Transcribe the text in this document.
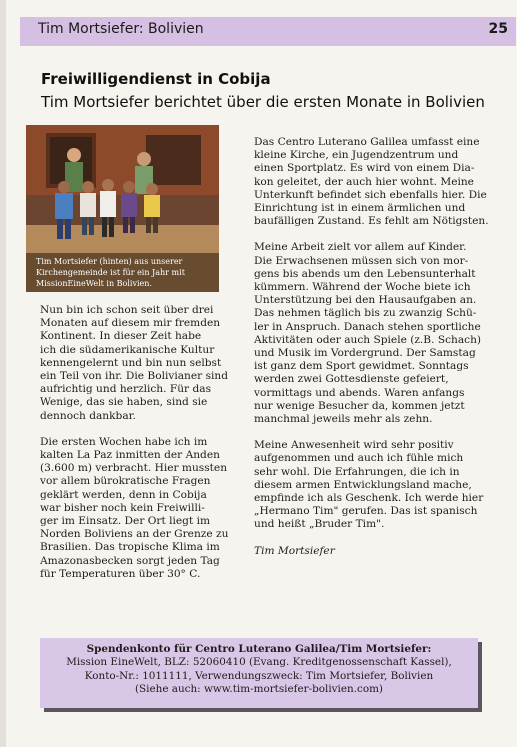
Tim Mortsiefer: Bolivien	25
Freiwilligendienst in Cobija
Tim Mortsiefer berichtet über die ersten Monate in Bolivien
Tim Mortsiefer (hinten) aus unserer
Kirchengemeinde ist für ein Jahr mit
MissionEineWelt in Bolivien.

Nun bin ich schon seit über drei
Monaten auf diesem mir fremden
Kontinent. In dieser Zeit habe
ich die südamerikanische Kultur
kennengelernt und bin nun selbst
ein Teil von ihr. Die Bolivianer sind
aufrichtig und herzlich. Für das
Wenige, das sie haben, sind sie
dennoch dankbar.

Die ersten Wochen habe ich im
kalten La Paz inmitten der Anden
(3.600 m) verbracht. Hier mussten
vor allem bürokratische Fragen
geklärt werden, denn in Cobija
war bisher noch kein Freiwilli-
ger im Einsatz. Der Ort liegt im
Norden Boliviens an der Grenze zu
Brasilien. Das tropische Klima im
Amazonasbecken sorgt jeden Tag
für Temperaturen über 30° C.

Das Centro Luterano Galilea umfasst eine
kleine Kirche, ein Jugendzentrum und
einen Sportplatz. Es wird von einem Dia-
kon geleitet, der auch hier wohnt. Meine
Unterkunft befindet sich ebenfalls hier. Die
Einrichtung ist in einem ärmlichen und
baufälligen Zustand. Es fehlt am Nötigsten.

Meine Arbeit zielt vor allem auf Kinder.
Die Erwachsenen müssen sich von mor-
gens bis abends um den Lebensunterhalt
kümmern. Während der Woche biete ich
Unterstützung bei den Hausaufgaben an.
Das nehmen täglich bis zu zwanzig Schü-
ler in Anspruch. Danach stehen sportliche
Aktivitäten oder auch Spiele (z.B. Schach)
und Musik im Vordergrund. Der Samstag
ist ganz dem Sport gewidmet. Sonntags
werden zwei Gottesdienste gefeiert,
vormittags und abends. Waren anfangs
nur wenige Besucher da, kommen jetzt
manchmal jeweils mehr als zehn.

Meine Anwesenheit wird sehr positiv
aufgenommen und auch ich fühle mich
sehr wohl. Die Erfahrungen, die ich in
diesem armen Entwicklungsland mache,
empfinde ich als Geschenk. Ich werde hier
„Hermano Tim" gerufen. Das ist spanisch
und heißt „Bruder Tim".

Tim Mortsiefer

Spendenkonto für Centro Luterano Galilea/Tim Mortsiefer:
Mission EineWelt, BLZ: 52060410 (Evang. Kreditgenossenschaft Kassel),
Konto-Nr.: 1011111, Verwendungszweck: Tim Mortsiefer, Bolivien
(Siehe auch: www.tim-mortsiefer-bolivien.com)
